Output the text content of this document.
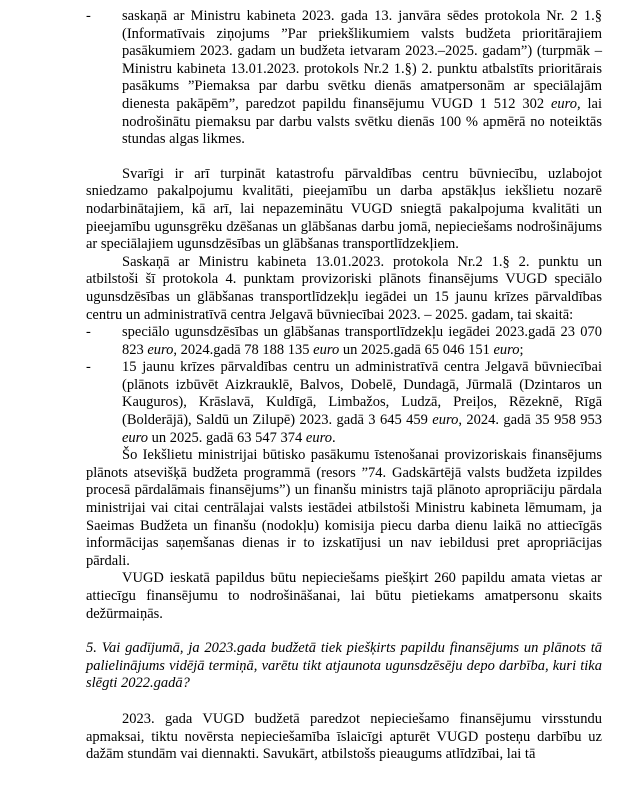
- saskaņā ar Ministru kabineta 2023. gada 13. janvāra sēdes protokola Nr. 2 1.§ (Informatīvais ziņojums ”Par priekšlikumiem valsts budžeta prioritārajiem pasākumiem 2023. gadam un budžeta ietvaram 2023.–2025. gadam”) (turpmāk – Ministru kabineta 13.01.2023. protokols Nr.2 1.§) 2. punktu atbalstīts prioritārais pasākums ”Piemaksa par darbu svētku dienās amatpersonām ar speciālajām dienesta pakāpēm”, paredzot papildu finansējumu VUGD 1 512 302 euro, lai nodrošinātu piemaksu par darbu valsts svētku dienās 100 % apmērā no noteiktās stundas algas likmes.

Svarīgi ir arī turpināt katastrofu pārvaldības centru būvniecību, uzlabojot sniedzamo pakalpojumu kvalitāti, pieejamību un darba apstākļus iekšlietu nozarē nodarbinātajiem, kā arī, lai nepazeminātu VUGD sniegtā pakalpojuma kvalitāti un pieejamību ugunsgrēku dzēšanas un glābšanas darbu jomā, nepieciešams nodrošinājums ar speciālajiem ugunsdzēsības un glābšanas transportlīdzekļiem.

Saskaņā ar Ministru kabineta 13.01.2023. protokola Nr.2 1.§ 2. punktu un atbilstoši šī protokola 4. punktam provizoriski plānots finansējums VUGD speciālo ugunsdzēsības un glābšanas transportlīdzekļu iegādei un 15 jaunu krīzes pārvaldības centru un administratīvā centra Jelgavā būvniecībai 2023. – 2025. gadam, tai skaitā:

- speciālo ugunsdzēsības un glābšanas transportlīdzekļu iegādei 2023.gadā 23 070 823 euro, 2024.gadā 78 188 135 euro un 2025.gadā 65 046 151 euro;

- 15 jaunu krīzes pārvaldības centru un administratīvā centra Jelgavā būvniecībai (plānots izbūvēt Aizkrauklē, Balvos, Dobelē, Dundagā, Jūrmalā (Dzintaros un Kauguros), Krāslavā, Kuldīgā, Limbažos, Ludzā, Preiļos, Rēzeknē, Rīgā (Bolderājā), Saldū un Zilupē) 2023. gadā 3 645 459 euro, 2024. gadā 35 958 953 euro un 2025. gadā 63 547 374 euro.

Šo Iekšlietu ministrijai būtisko pasākumu īstenošanai provizoriskais finansējums plānots atsevišķā budžeta programmā (resors ”74. Gadskārtējā valsts budžeta izpildes procesā pārdalāmais finansējums”) un finanšu ministrs tajā plānoto apropriāciju pārdala ministrijai vai citai centrālajai valsts iestādei atbilstoši Ministru kabineta lēmumam, ja Saeimas Budžeta un finanšu (nodokļu) komisija piecu darba dienu laikā no attiecīgās informācijas saņemšanas dienas ir to izskatījusi un nav iebildusi pret apropriācijas pārdali.

VUGD ieskatā papildus būtu nepieciešams piešķirt 260 papildu amata vietas ar attiecīgu finansējumu to nodrošināšanai, lai būtu pietiekams amatpersonu skaits dežūrmaiņās.

5. Vai gadījumā, ja 2023.gada budžetā tiek piešķirts papildu finansējums un plānots tā palielinājums vidējā termiņā, varētu tikt atjaunota ugunsdzēsēju depo darbība, kuri tika slēgti 2022.gadā?

2023. gada VUGD budžetā paredzot nepieciešamo finansējumu virsstundu apmaksai, tiktu novērsta nepieciešamība īslaicīgi apturēt VUGD posteņu darbību uz dažām stundām vai diennakti. Savukārt, atbilstošs pieaugums atlīdzībai, lai tā
